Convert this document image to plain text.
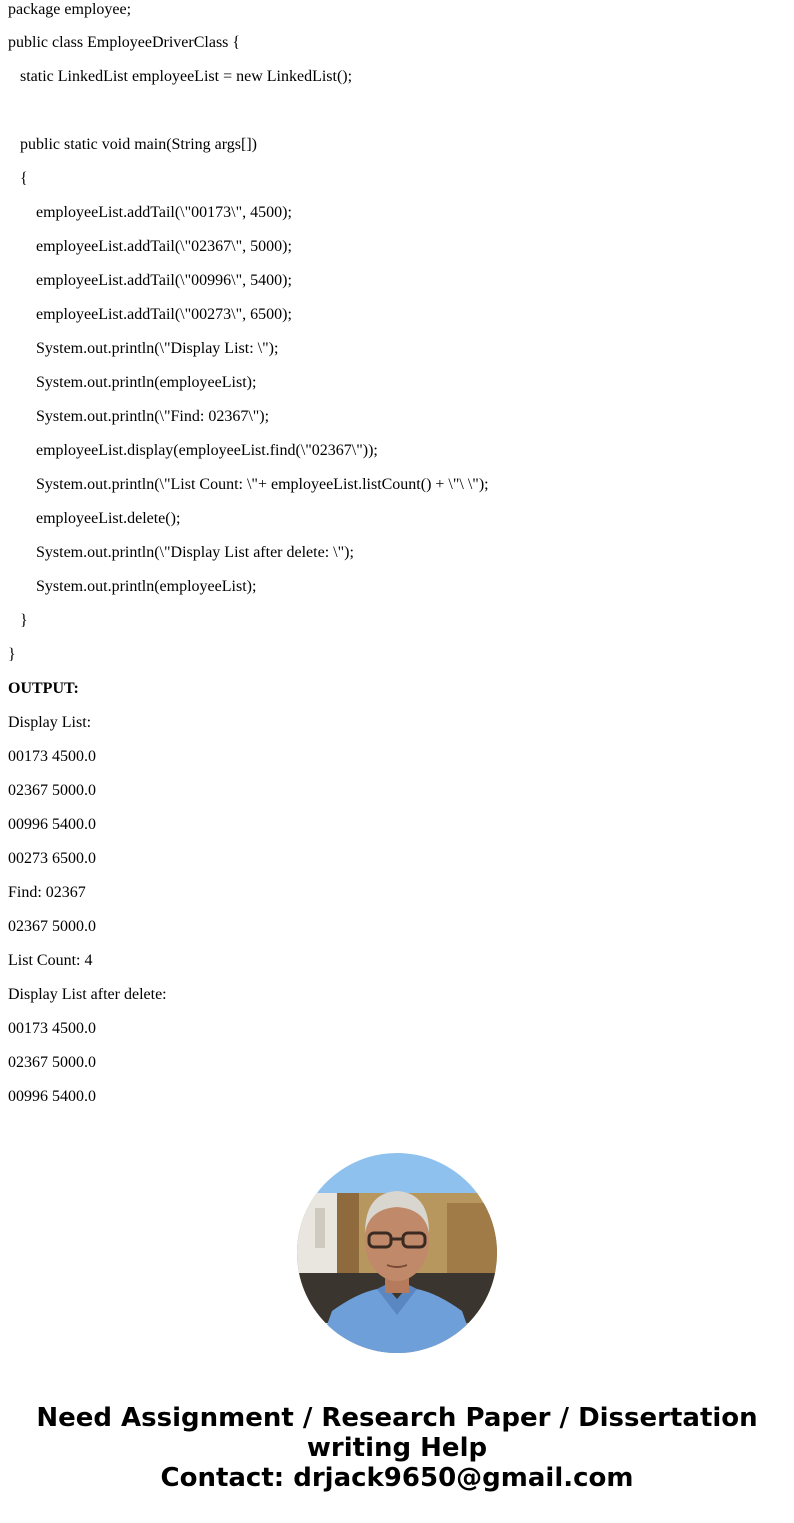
package employee;
public class EmployeeDriverClass {
static LinkedList employeeList = new LinkedList();
public static void main(String args[])
{
employeeList.addTail(\"00173\", 4500);
employeeList.addTail(\"02367\", 5000);
employeeList.addTail(\"00996\", 5400);
employeeList.addTail(\"00273\", 6500);
System.out.println(\"Display List: \");
System.out.println(employeeList);
System.out.println(\"Find: 02367\");
employeeList.display(employeeList.find(\"02367\"));
System.out.println(\"List Count: \"+ employeeList.listCount() + \"\ \");
employeeList.delete();
System.out.println(\"Display List after delete: \");
System.out.println(employeeList);
}
}
OUTPUT:
Display List:
00173 4500.0
02367 5000.0
00996 5400.0
00273 6500.0
Find: 02367
02367 5000.0
List Count: 4
Display List after delete:
00173 4500.0
02367 5000.0
00996 5400.0
Need Assignment / Research Paper / Dissertation
writing Help
Contact: drjack9650@gmail.com
